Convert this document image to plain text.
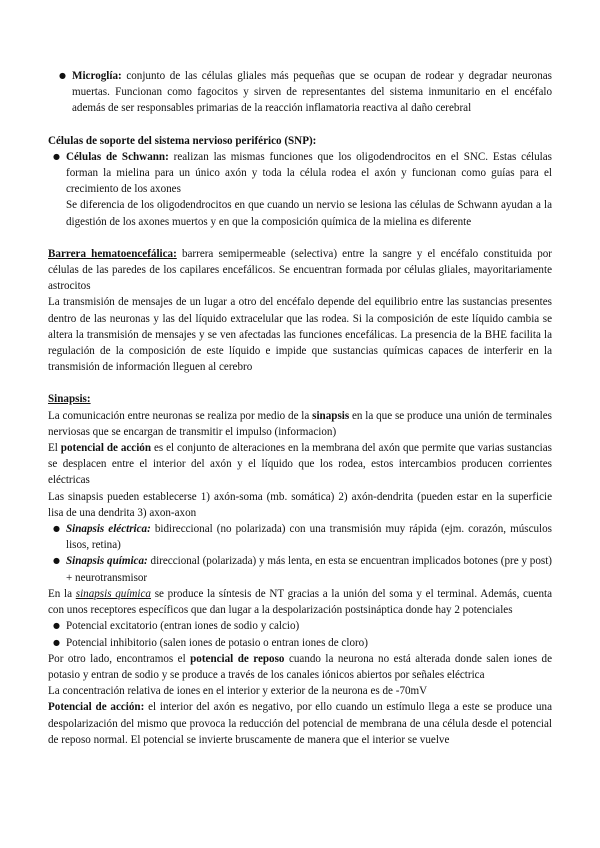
● Microglía: conjunto de las células gliales más pequeñas que se ocupan de rodear y degradar neuronas muertas. Funcionan como fagocitos y sirven de representantes del sistema inmunitario en el encéfalo además de ser responsables primarias de la reacción inflamatoria reactiva al daño cerebral

Células de soporte del sistema nervioso periférico (SNP):

● Células de Schwann: realizan las mismas funciones que los oligodendrocitos en el SNC. Estas células forman la mielina para un único axón y toda la célula rodea el axón y funcionan como guías para el crecimiento de los axones
Se diferencia de los oligodendrocitos en que cuando un nervio se lesiona las células de Schwann ayudan a la digestión de los axones muertos y en que la composición química de la mielina es diferente

Barrera hematoencefálica: barrera semipermeable (selectiva) entre la sangre y el encéfalo constituida por células de las paredes de los capilares encefálicos. Se encuentran formada por células gliales, mayoritariamente astrocitos

La transmisión de mensajes de un lugar a otro del encéfalo depende del equilibrio entre las sustancias presentes dentro de las neuronas y las del líquido extracelular que las rodea. Si la composición de este líquido cambia se altera la transmisión de mensajes y se ven afectadas las funciones encefálicas. La presencia de la BHE facilita la regulación de la composición de este líquido e impide que sustancias químicas capaces de interferir en la transmisión de información lleguen al cerebro

Sinapsis:

La comunicación entre neuronas se realiza por medio de la sinapsis en la que se produce una unión de terminales nerviosas que se encargan de transmitir el impulso (informacion)

El potencial de acción es el conjunto de alteraciones en la membrana del axón que permite que varias sustancias se desplacen entre el interior del axón y el líquido que los rodea, estos intercambios producen corrientes eléctricas

Las sinapsis pueden establecerse 1) axón-soma (mb. somática) 2) axón-dendrita (pueden estar en la superficie lisa de una dendrita 3) axon-axon

● Sinapsis eléctrica: bidireccional (no polarizada) con una transmisión muy rápida (ejm. corazón, músculos lisos, retina)
● Sinapsis química: direccional (polarizada) y más lenta, en esta se encuentran implicados botones (pre y post) + neurotransmisor

En la sinapsis química se produce la síntesis de NT gracias a la unión del soma y el terminal. Además, cuenta con unos receptores específicos que dan lugar a la despolarización postsináptica donde hay 2 potenciales

● Potencial excitatorio (entran iones de sodio y calcio)
● Potencial inhibitorio (salen iones de potasio o entran iones de cloro)

Por otro lado, encontramos el potencial de reposo cuando la neurona no está alterada donde salen iones de potasio y entran de sodio y se produce a través de los canales iónicos abiertos por señales eléctrica

La concentración relativa de iones en el interior y exterior de la neurona es de -70mV

Potencial de acción: el interior del axón es negativo, por ello cuando un estímulo llega a este se produce una despolarización del mismo que provoca la reducción del potencial de membrana de una célula desde el potencial de reposo normal. El potencial se invierte bruscamente de manera que el interior se vuelve
